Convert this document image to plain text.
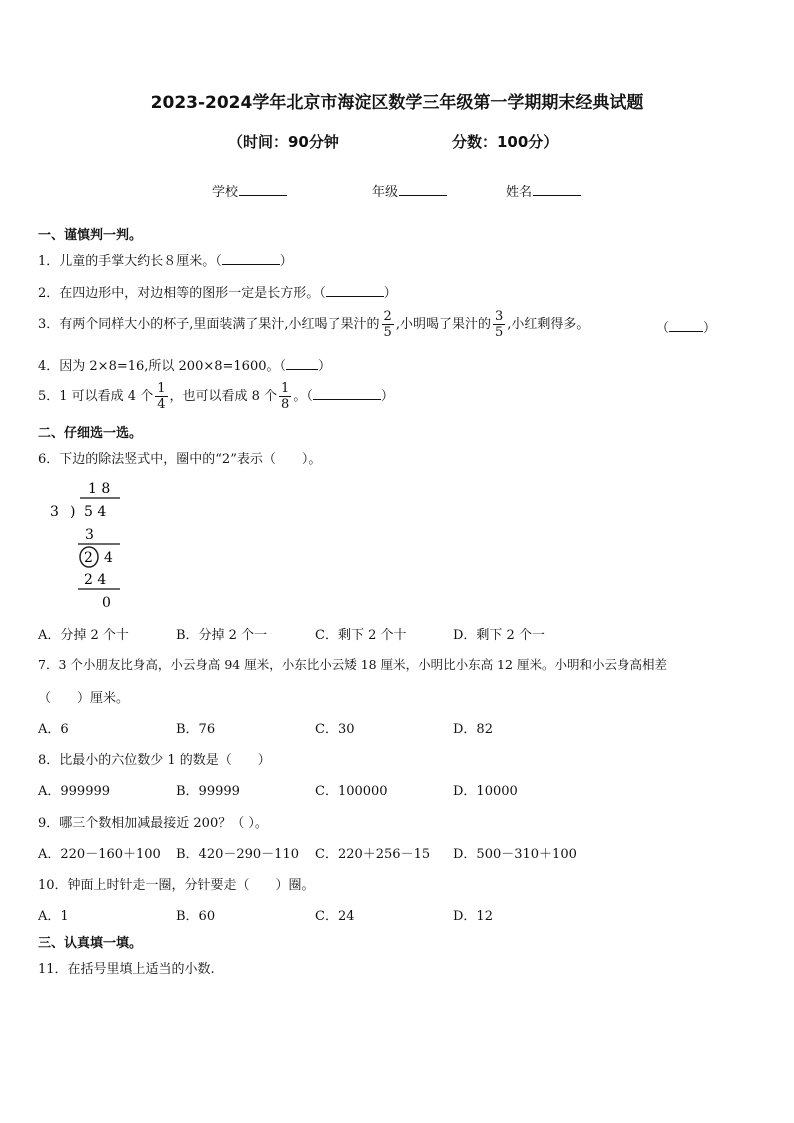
2023-2024学年北京市海淀区数学三年级第一学期期末经典试题
（时间：90分钟	分数：100分）
学校	年级	姓名
一、谨慎判一判。
1．儿童的手掌大约长８厘米。（	）
2．在四边形中，对边相等的图形一定是长方形。（	）
3．有两个同样大小的杯子,里面装满了果汁,小红喝了果汁的 $\frac{2}{5}$ ,小明喝了果汁的 $\frac{3}{5}$ ,小红剩得多。	（	）
4．因为 2×8=16,所以 200×8=1600。（ ）
5．1 可以看成 4 个 $\frac{1}{4}$ ，也可以看成 8 个 $\frac{1}{8}$ 。（	）
二、仔细选一选。
6．下边的除法竖式中，圈中的“2”表示（　　）。
1 8
3 ) 5 4
3
2 4
2 4
0
A．分掉 2 个十	B．分掉 2 个一	C．剩下 2 个十	D．剩下 2 个一
7．3 个小朋友比身高，小云身高 94 厘米，小东比小云矮 18 厘米，小明比小东高 12 厘米。小明和小云身高相差
（　　）厘米。
A．6	B．76	C．30	D．82
8．比最小的六位数少 1 的数是（　　）
A．999999	B．99999	C．100000	D．10000
9．哪三个数相加减最接近 200？（ ）。
A．220－160＋100 B．420－290－110 C．220＋256－15 D．500－310＋100
10．钟面上时针走一圈，分针要走（　　）圈。
A．1	B．60	C．24	D．12
三、认真填一填。
11．在括号里填上适当的小数.
